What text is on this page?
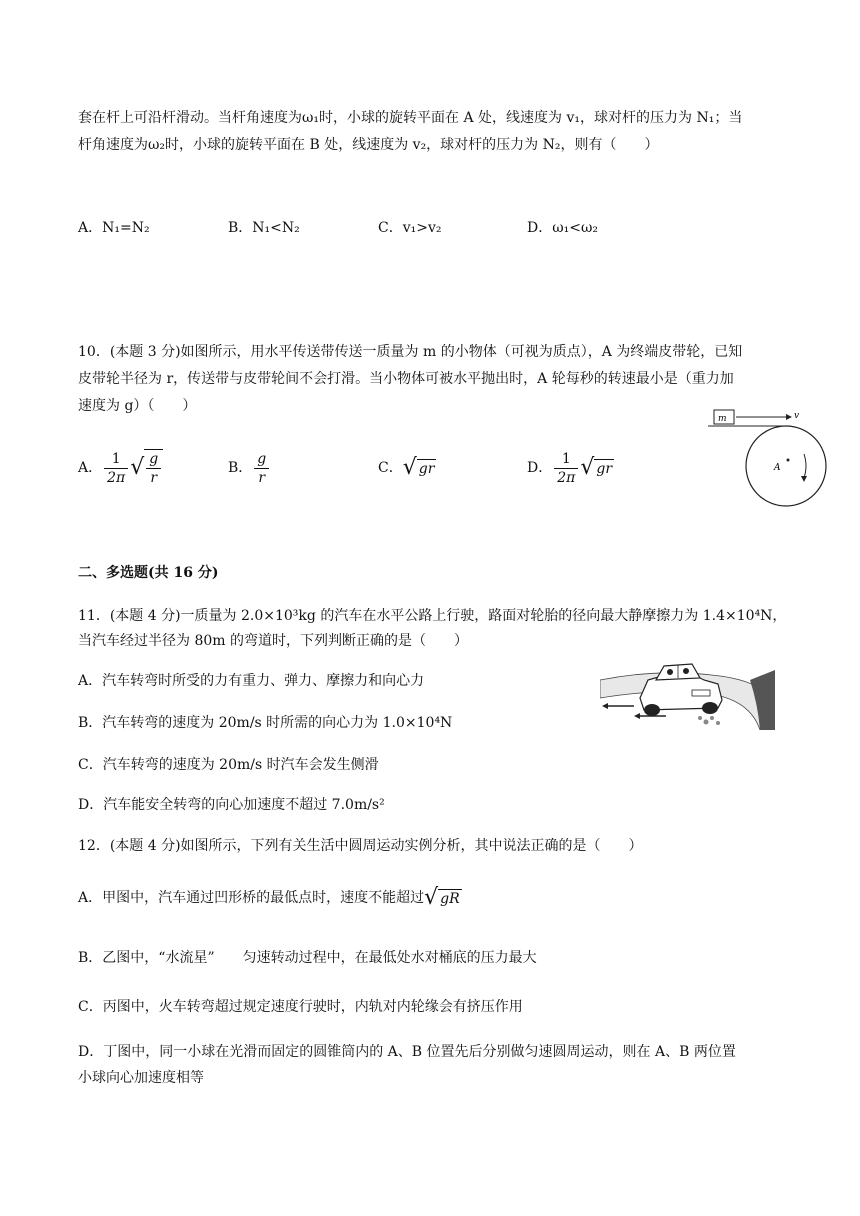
套在杆上可沿杆滑动。当杆角速度为ω₁时，小球的旋转平面在 A 处，线速度为 v₁，球对杆的压力为 N₁；当
杆角速度为ω₂时，小球的旋转平面在 B 处，线速度为 v₂，球对杆的压力为 N₂，则有（　　）
A．N₁=N₂	B．N₁<N₂	C．v₁>v₂	D．ω₁<ω₂
10．(本题 3 分)如图所示，用水平传送带传送一质量为 m 的小物体（可视为质点），A 为终端皮带轮，已知
皮带轮半径为 r，传送带与皮带轮间不会打滑。当小物体可被水平抛出时，A 轮每秒的转速最小是（重力加
速度为 g）（　　）
A． $\frac{1}{2\pi}$ √ $\frac{g}{r}$	B． $\frac{g}{r}$	C． √ gr	D． $\frac{1}{2\pi}$ √ gr
m	v
A
二、多选题(共 16 分)
11．(本题 4 分)一质量为 2.0×10³kg 的汽车在水平公路上行驶，路面对轮胎的径向最大静摩擦力为 1.4×10⁴N，
当汽车经过半径为 80m 的弯道时，下列判断正确的是（　　）
A．汽车转弯时所受的力有重力、弹力、摩擦力和向心力
B．汽车转弯的速度为 20m/s 时所需的向心力为 1.0×10⁴N
C．汽车转弯的速度为 20m/s 时汽车会发生侧滑
D．汽车能安全转弯的向心加速度不超过 7.0m/s²
12．(本题 4 分)如图所示，下列有关生活中圆周运动实例分析，其中说法正确的是（　　）
A．甲图中，汽车通过凹形桥的最低点时，速度不能超过 √ gR
B．乙图中，“水流星”　　匀速转动过程中，在最低处水对桶底的压力最大
C．丙图中，火车转弯超过规定速度行驶时，内轨对内轮缘会有挤压作用
D．丁图中，同一小球在光滑而固定的圆锥筒内的 A、B 位置先后分别做匀速圆周运动，则在 A、B 两位置
小球向心加速度相等
